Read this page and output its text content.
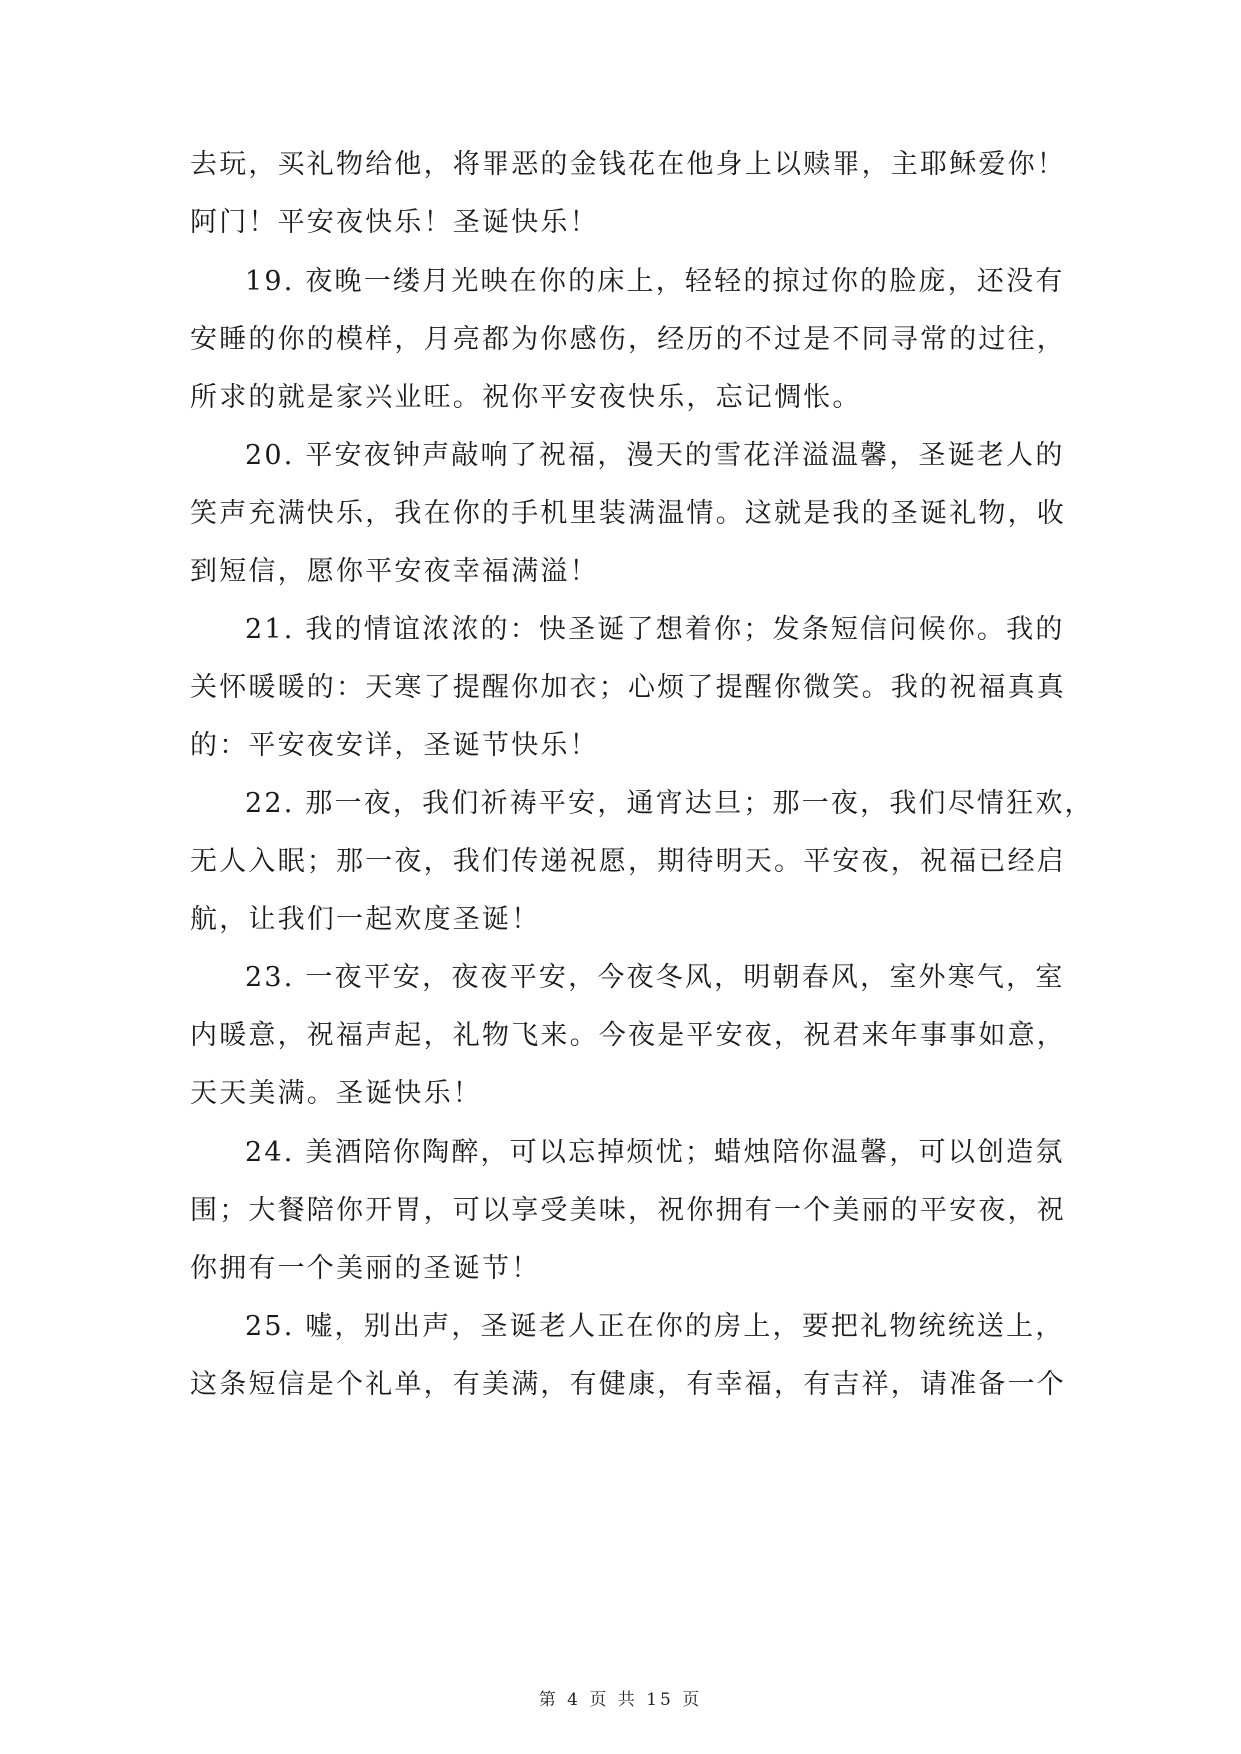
去玩，买礼物给他，将罪恶的金钱花在他身上以赎罪，主耶稣爱你！
阿门！平安夜快乐！圣诞快乐！
19. 夜晚一缕月光映在你的床上，轻轻的掠过你的脸庞，还没有
安睡的你的模样，月亮都为你感伤，经历的不过是不同寻常的过往，
所求的就是家兴业旺。祝你平安夜快乐，忘记惆怅。
20. 平安夜钟声敲响了祝福，漫天的雪花洋溢温馨，圣诞老人的
笑声充满快乐，我在你的手机里装满温情。这就是我的圣诞礼物，收
到短信，愿你平安夜幸福满溢！
21. 我的情谊浓浓的：快圣诞了想着你；发条短信问候你。我的
关怀暖暖的：天寒了提醒你加衣；心烦了提醒你微笑。我的祝福真真
的：平安夜安详，圣诞节快乐！
22. 那一夜，我们祈祷平安，通宵达旦；那一夜，我们尽情狂欢，
无人入眠；那一夜，我们传递祝愿，期待明天。平安夜，祝福已经启
航，让我们一起欢度圣诞！
23. 一夜平安，夜夜平安，今夜冬风，明朝春风，室外寒气，室
内暖意，祝福声起，礼物飞来。今夜是平安夜，祝君来年事事如意，
天天美满。圣诞快乐！
24. 美酒陪你陶醉，可以忘掉烦忧；蜡烛陪你温馨，可以创造氛
围；大餐陪你开胃，可以享受美味，祝你拥有一个美丽的平安夜，祝
你拥有一个美丽的圣诞节！
25. 嘘，别出声，圣诞老人正在你的房上，要把礼物统统送上，
这条短信是个礼单，有美满，有健康，有幸福，有吉祥，请准备一个
第 4 页 共 15 页
